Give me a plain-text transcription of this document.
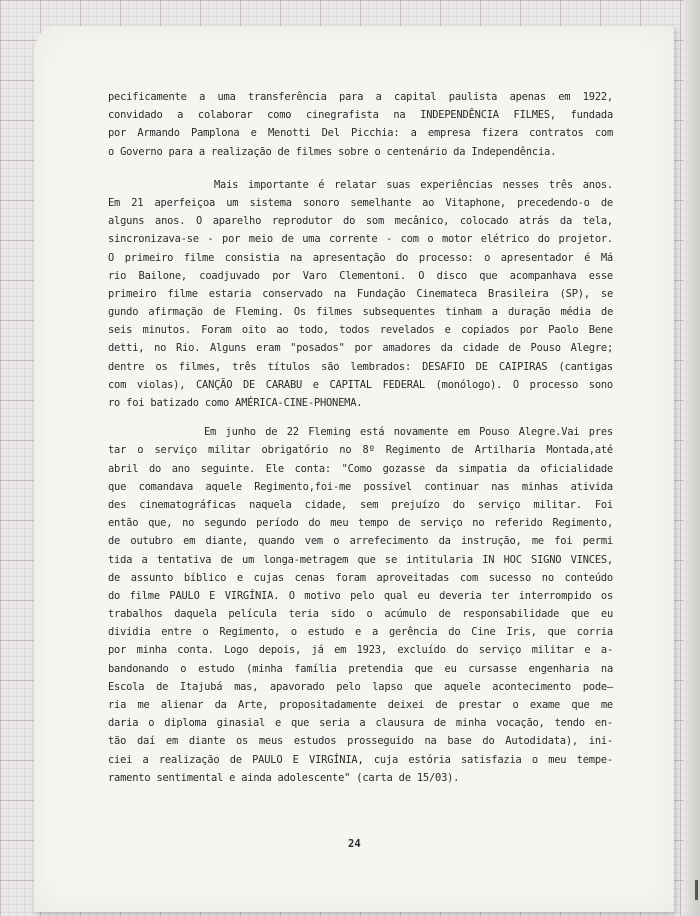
pecificamente a uma transferência para a capital paulista apenas em 1922,
convidado a colaborar como cinegrafista na INDEPENDÊNCIA FILMES, fundada
por Armando Pamplona e Menotti Del Picchia: a empresa fizera contratos com
o Governo para a realização de filmes sobre o centenário da Independência.
Mais importante é relatar suas experiências nesses três anos.
Em 21 aperfeiçoa um sistema sonoro semelhante ao Vitaphone, precedendo-o de
alguns anos. O aparelho reprodutor do som mecânico, colocado atrás da tela,
sincronizava-se - por meio de uma corrente - com o motor elétrico do projetor.
O primeiro filme consistia na apresentação do processo: o apresentador é Má
rio Bailone, coadjuvado por Varo Clementoni. O disco que acompanhava esse
primeiro filme estaria conservado na Fundação Cinemateca Brasileira (SP), se
gundo afirmação de Fleming. Os filmes subsequentes tinham a duração média de
seis minutos. Foram oito ao todo, todos revelados e copiados por Paolo Bene
detti, no Rio. Alguns eram "posados" por amadores da cidade de Pouso Alegre;
dentre os filmes, três títulos são lembrados: DESAFIO DE CAIPIRAS (cantigas
com violas), CANÇÃO DE CARABU e CAPITAL FEDERAL (monólogo). O processo sono
ro foi batizado como AMÉRICA-CINE-PHONEMA.
Em junho de 22 Fleming está novamente em Pouso Alegre.Vai pres
tar o serviço militar obrigatório no 8º Regimento de Artilharia Montada,até
abril do ano seguinte. Ele conta: "Como gozasse da simpatia da oficialidade
que comandava aquele Regimento,foi-me possível continuar nas minhas ativida
des cinematográficas naquela cidade, sem prejuízo do serviço militar. Foi
então que, no segundo período do meu tempo de serviço no referido Regimento,
de outubro em diante, quando vem o arrefecimento da instrução, me foi permi
tida a tentativa de um longa-metragem que se intitularia IN HOC SIGNO VINCES,
de assunto bíblico e cujas cenas foram aproveitadas com sucesso no conteúdo
do filme PAULO E VIRGÍNIA. O motivo pelo qual eu deveria ter interrompido os
trabalhos daquela película teria sido o acúmulo de responsabilidade que eu
dividia entre o Regimento, o estudo e a gerência do Cine Iris, que corria
por minha conta. Logo depois, já em 1923, excluído do serviço militar e a-
bandonando o estudo (minha família pretendia que eu cursasse engenharia na
Escola de Itajubá mas, apavorado pelo lapso que aquele acontecimento pode—
ria me alienar da Arte, propositadamente deixei de prestar o exame que me
daria o diploma ginasial e que seria a clausura de minha vocação, tendo en-
tão daí em diante os meus estudos prosseguido na base do Autodidata), ini-
ciei a realização de PAULO E VIRGÍNIA, cuja estória satisfazia o meu tempe-
ramento sentimental e ainda adolescente" (carta de 15/03).
24
